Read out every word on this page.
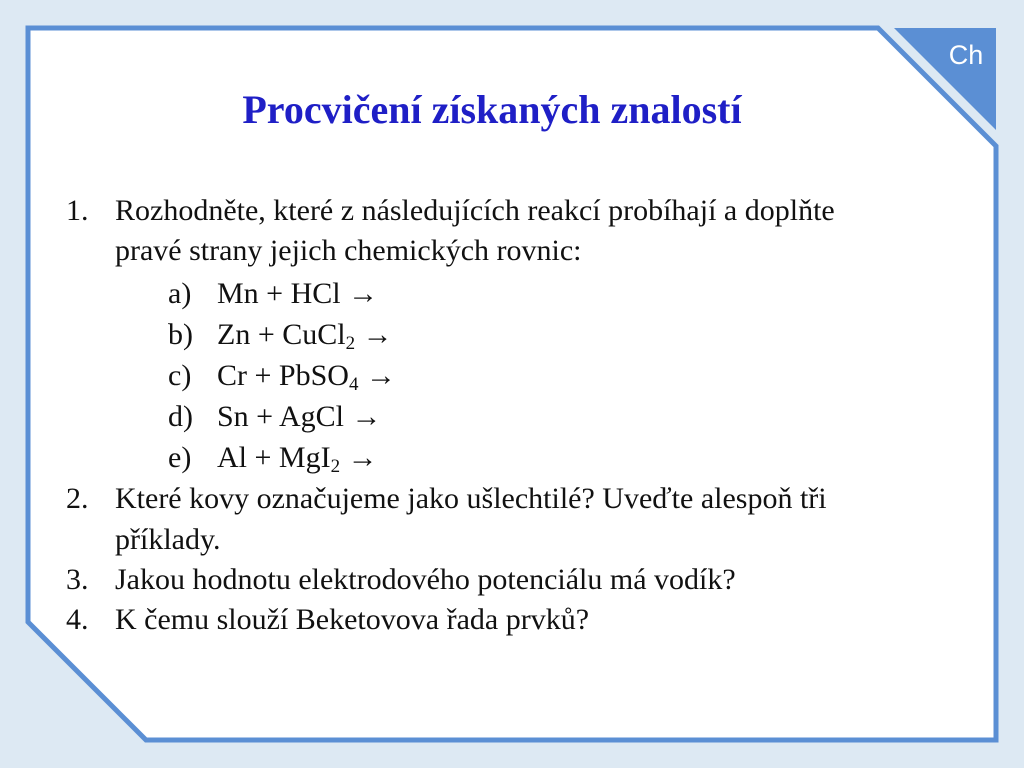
Ch
Procvičení získaných znalostí
1. Rozhodněte, které z následujících reakcí probíhají a doplňte
pravé strany jejich chemických rovnic:
a) Mn + HCl →
b) Zn + CuCl$_2$ →
c) Cr + PbSO$_4$ →
d) Sn + AgCl →
e) Al + MgI$_2$ →
2. Které kovy označujeme jako ušlechtilé? Uveďte alespoň tři
příklady.
3. Jakou hodnotu elektrodového potenciálu má vodík?
4. K čemu slouží Beketovova řada prvků?
